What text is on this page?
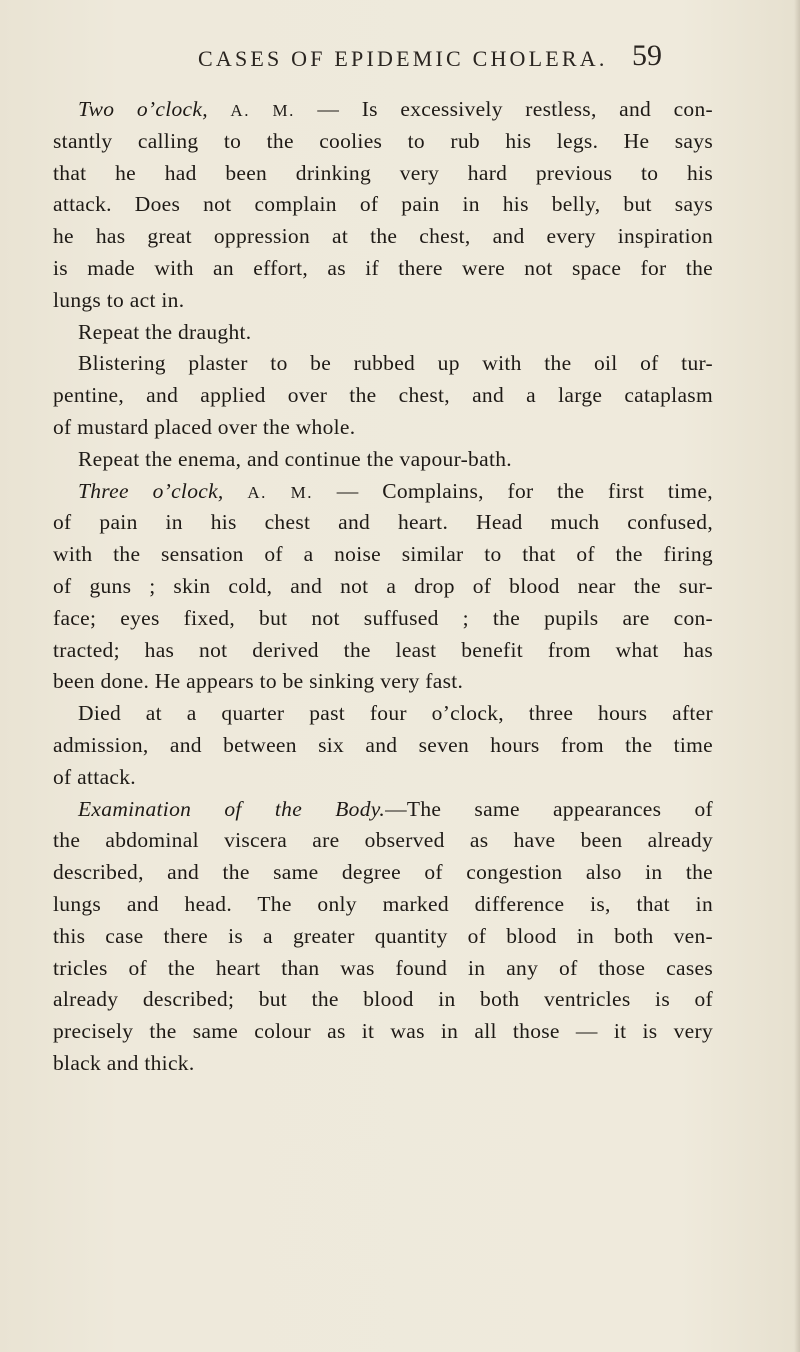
CASES OF EPIDEMIC CHOLERA. 59
Two o’clock, A. M. — Is excessively restless, and con-
stantly calling to the coolies to rub his legs. He says
that he had been drinking very hard previous to his
attack. Does not complain of pain in his belly, but says
he has great oppression at the chest, and every inspiration
is made with an effort, as if there were not space for the
lungs to act in.
Repeat the draught.
Blistering plaster to be rubbed up with the oil of tur-
pentine, and applied over the chest, and a large cataplasm
of mustard placed over the whole.
Repeat the enema, and continue the vapour-bath.
Three o’clock, A. M. — Complains, for the first time,
of pain in his chest and heart. Head much confused,
with the sensation of a noise similar to that of the firing
of guns ; skin cold, and not a drop of blood near the sur-
face; eyes fixed, but not suffused ; the pupils are con-
tracted; has not derived the least benefit from what has
been done. He appears to be sinking very fast.
Died at a quarter past four o’clock, three hours after
admission, and between six and seven hours from the time
of attack.
Examination of the Body.—The same appearances of
the abdominal viscera are observed as have been already
described, and the same degree of congestion also in the
lungs and head. The only marked difference is, that in
this case there is a greater quantity of blood in both ven-
tricles of the heart than was found in any of those cases
already described; but the blood in both ventricles is of
precisely the same colour as it was in all those — it is very
black and thick.
